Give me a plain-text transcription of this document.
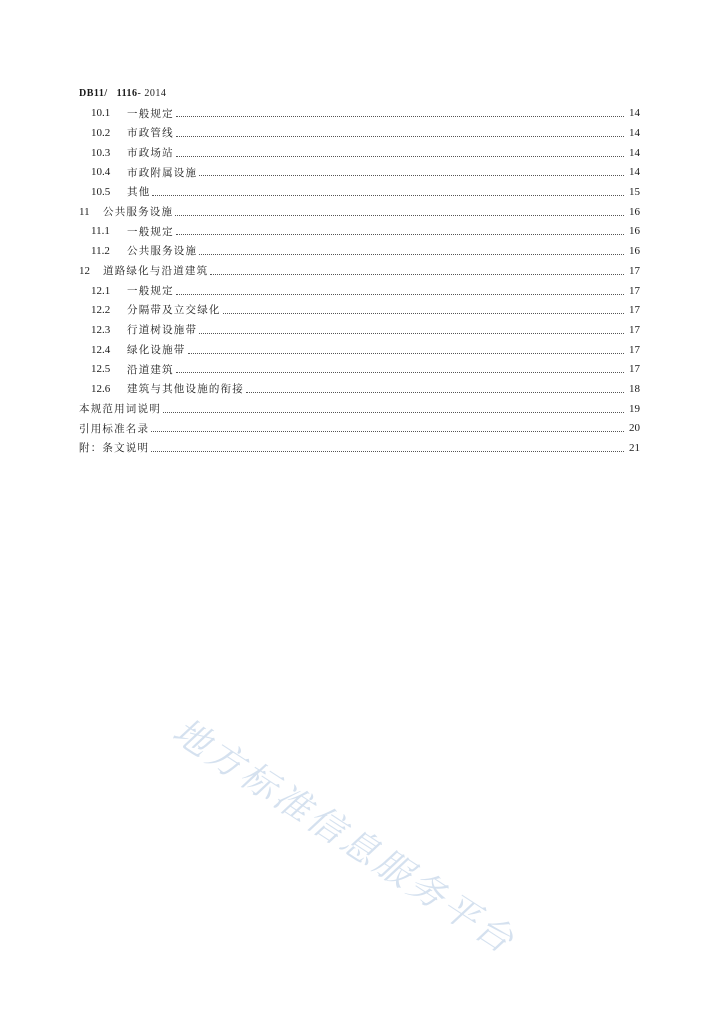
DB11/ 1116- 2014
10.1	一般规定	14
10.2	市政管线	14
10.3	市政场站	14
10.4	市政附属设施	14
10.5	其他	15
11	公共服务设施	16
11.1	一般规定	16
11.2	公共服务设施	16
12	道路绿化与沿道建筑	17
12.1	一般规定	17
12.2	分隔带及立交绿化	17
12.3	行道树设施带	17
12.4	绿化设施带	17
12.5	沿道建筑	17
12.6	建筑与其他设施的衔接	18
本规范用词说明	19
引用标准名录	20
附：条文说明	21
地方标准信息服务平台
